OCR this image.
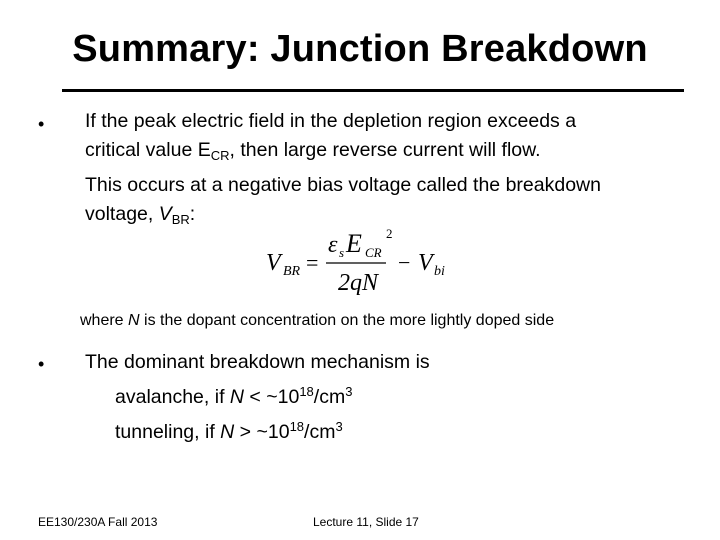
Summary: Junction Breakdown
• If the peak electric field in the depletion region exceeds a
critical value $E_{CR}$, then large reverse current will flow.
This occurs at a negative bias voltage called the breakdown
voltage, $V_{BR}$:
V BR =
ε s E CR
2
2qN
− V bi
where N is the dopant concentration on the more lightly doped side
• The dominant breakdown mechanism is
avalanche, if $N < \sim 10^{18}/cm^3$
tunneling, if $N > \sim 10^{18}/cm^3$
EE130/230A Fall 2013	Lecture 11, Slide 17
